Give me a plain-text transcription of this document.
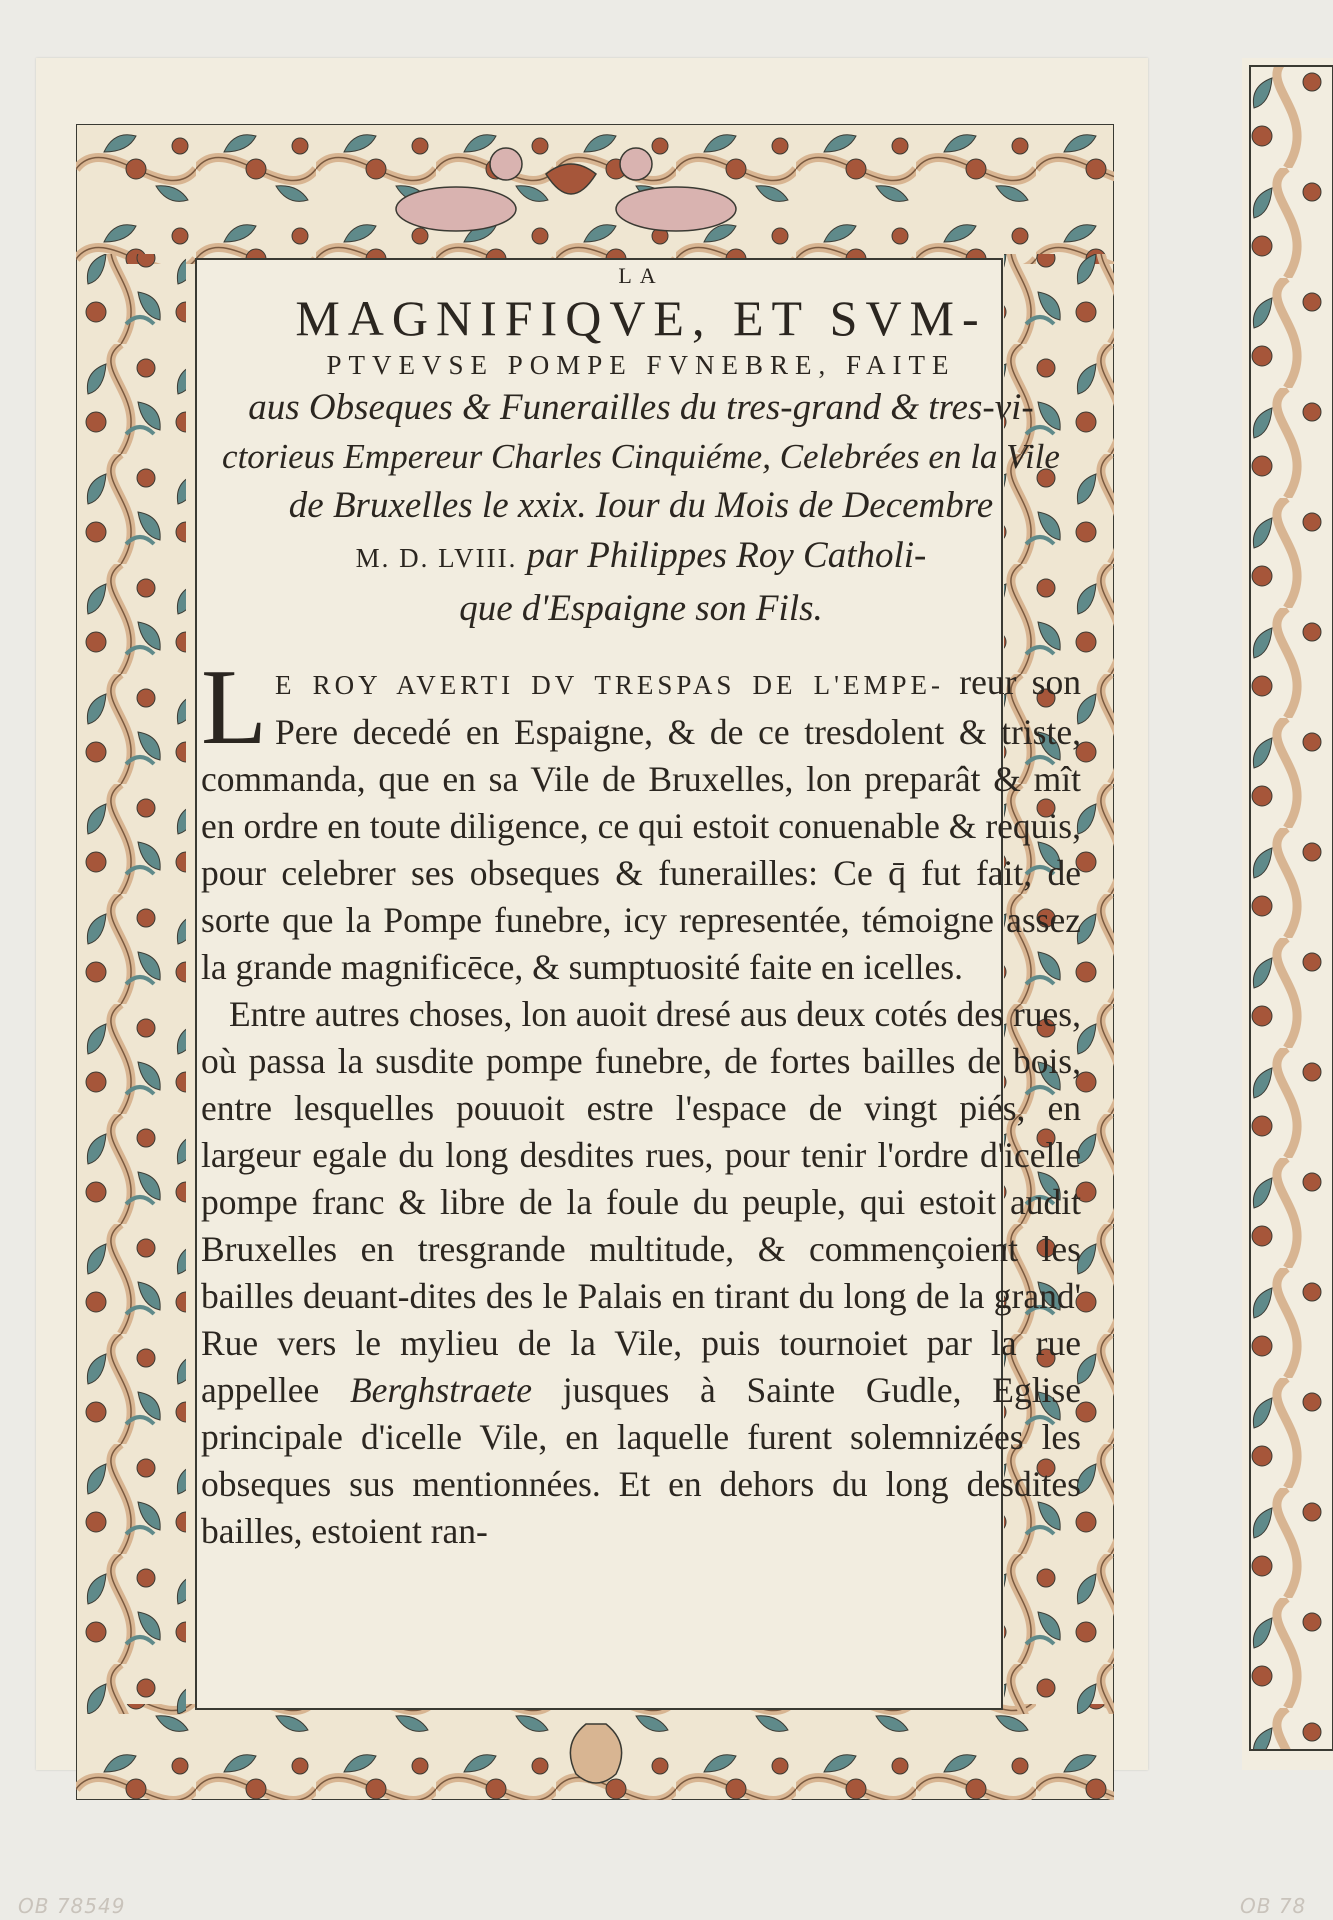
LA

MAGNIFIQVE, ET SVM-

PTVEVSE POMPE FVNEBRE, FAITE

aus Obseques & Funerailles du tres-grand & tres-vi-

ctorieus Empereur Charles Cinquiéme, Celebrées en la Vile

de Bruxelles le xxix. Iour du Mois de Decembre

M. D. LVIII. par Philippes Roy Catholi-

que d'Espaigne son Fils.

L E ROY AVERTI DV TRESPAS DE L'EMPE- reur son Pere decedé en Espaigne, & de ce tresdolent & triste, commanda, que en sa Vile de Bruxelles, lon preparât & mît en ordre en toute diligence, ce qui estoit conuenable & requis, pour celebrer ses obseques & funerailles: Ce q̄ fut fait, de sorte que la Pompe funebre, icy representée, témoigne assez la grande magnificēce, & sumptuosité faite en icelles.

Entre autres choses, lon auoit dresé aus deux cotés des rues, où passa la susdite pompe funebre, de fortes bailles de bois, entre lesquelles pouuoit estre l'espace de vingt piés, en largeur egale du long desdites rues, pour tenir l'ordre d'icelle pompe franc & libre de la foule du peuple, qui estoit audit Bruxelles en tresgrande multitude, & commençoient les bailles deuant-dites des le Palais en tirant du long de la grand' Rue vers le mylieu de la Vile, puis tournoiet par la rue appellee Berghstraete jusques à Sainte Gudle, Eglise principale d'icelle Vile, en laquelle furent solemnizées les obseques sus mentionnées. Et en dehors du long desdites bailles, estoient ran-

OB 78549	OB 78
